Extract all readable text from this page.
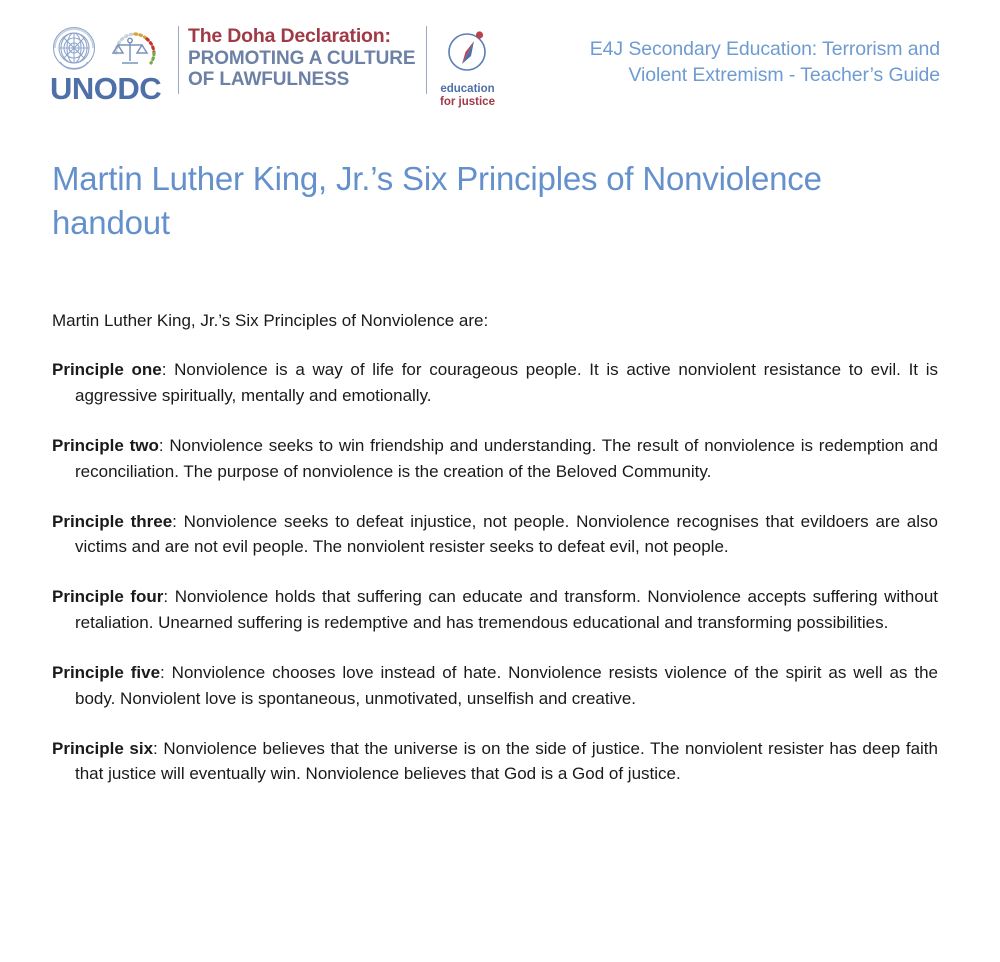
UNODC
The Doha Declaration:
PROMOTING A CULTURE
OF LAWFULNESS	education
for justice
E4J Secondary Education: Terrorism and
Violent Extremism - Teacher’s Guide
Martin Luther King, Jr.’s Six Principles of Nonviolence handout

Martin Luther King, Jr.’s Six Principles of Nonviolence are:

Principle one: Nonviolence is a way of life for courageous people. It is active nonviolent resistance to evil. It is aggressive spiritually, mentally and emotionally.

Principle two: Nonviolence seeks to win friendship and understanding. The result of nonviolence is redemption and reconciliation. The purpose of nonviolence is the creation of the Beloved Community.

Principle three: Nonviolence seeks to defeat injustice, not people. Nonviolence recognises that evildoers are also victims and are not evil people. The nonviolent resister seeks to defeat evil, not people.

Principle four: Nonviolence holds that suffering can educate and transform. Nonviolence accepts suffering without retaliation. Unearned suffering is redemptive and has tremendous educational and transforming possibilities.

Principle five: Nonviolence chooses love instead of hate. Nonviolence resists violence of the spirit as well as the body. Nonviolent love is spontaneous, unmotivated, unselfish and creative.

Principle six: Nonviolence believes that the universe is on the side of justice. The nonviolent resister has deep faith that justice will eventually win. Nonviolence believes that God is a God of justice.
